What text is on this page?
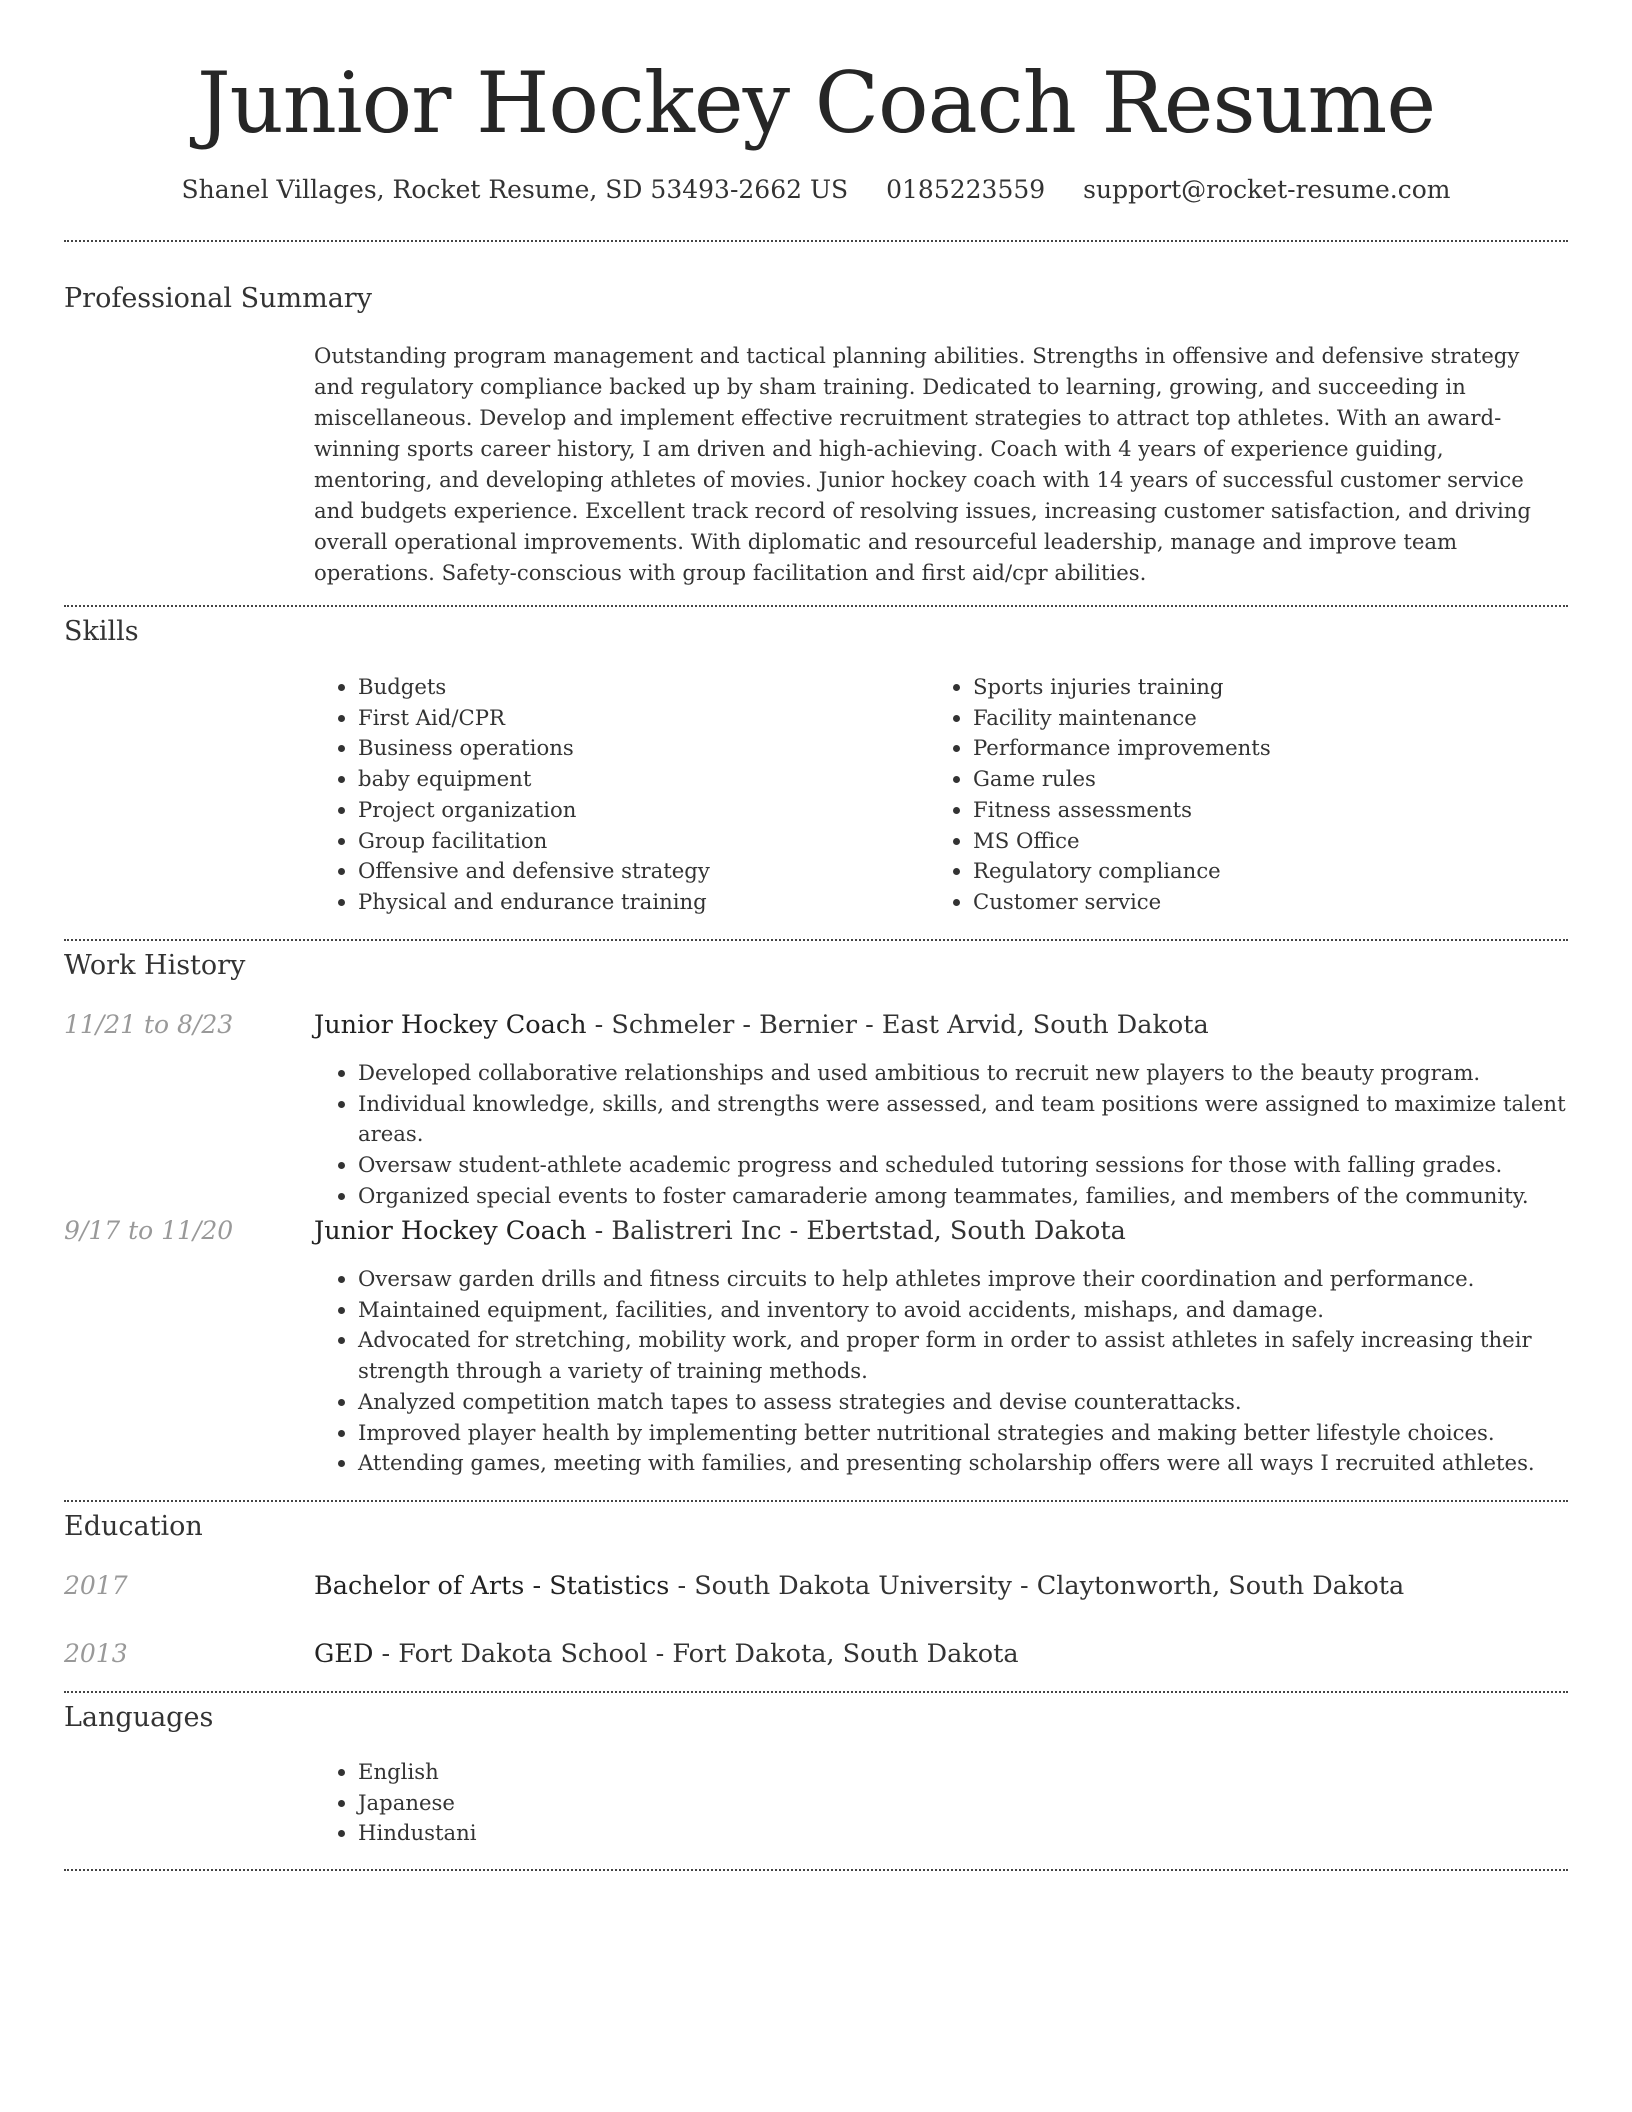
Junior Hockey Coach Resume
Shanel Villages, Rocket Resume, SD 53493-2662 US 0185223559 support@rocket-resume.com
Professional Summary

Outstanding program management and tactical planning abilities. Strengths in offensive and defensive strategy and regulatory compliance backed up by sham training. Dedicated to learning, growing, and succeeding in miscellaneous. Develop and implement effective recruitment strategies to attract top athletes. With an award-winning sports career history, I am driven and high-achieving. Coach with 4 years of experience guiding, mentoring, and developing athletes of movies. Junior hockey coach with 14 years of successful customer service and budgets experience. Excellent track record of resolving issues, increasing customer satisfaction, and driving overall operational improvements. With diplomatic and resourceful leadership, manage and improve team operations. Safety-conscious with group facilitation and first aid/cpr abilities.

Skills
• Budgets
• First Aid/CPR
• Business operations
• baby equipment
• Project organization
• Group facilitation
• Offensive and defensive strategy
• Physical and endurance training
• Sports injuries training
• Facility maintenance
• Performance improvements
• Game rules
• Fitness assessments
• MS Office
• Regulatory compliance
• Customer service
Work History
11/21 to 8/23	Junior Hockey Coach - Schmeler - Bernier - East Arvid, South Dakota
• Developed collaborative relationships and used ambitious to recruit new players to the beauty program.
• Individual knowledge, skills, and strengths were assessed, and team positions were assigned to maximize talent areas.
• Oversaw student-athlete academic progress and scheduled tutoring sessions for those with falling grades.
• Organized special events to foster camaraderie among teammates, families, and members of the community.
9/17 to 11/20	Junior Hockey Coach - Balistreri Inc - Ebertstad, South Dakota
• Oversaw garden drills and fitness circuits to help athletes improve their coordination and performance.
• Maintained equipment, facilities, and inventory to avoid accidents, mishaps, and damage.
• Advocated for stretching, mobility work, and proper form in order to assist athletes in safely increasing their strength through a variety of training methods.
• Analyzed competition match tapes to assess strategies and devise counterattacks.
• Improved player health by implementing better nutritional strategies and making better lifestyle choices.
• Attending games, meeting with families, and presenting scholarship offers were all ways I recruited athletes.
Education
2017	Bachelor of Arts - Statistics - South Dakota University - Claytonworth, South Dakota
2013	GED - Fort Dakota School - Fort Dakota, South Dakota
Languages
• English
• Japanese
• Hindustani
